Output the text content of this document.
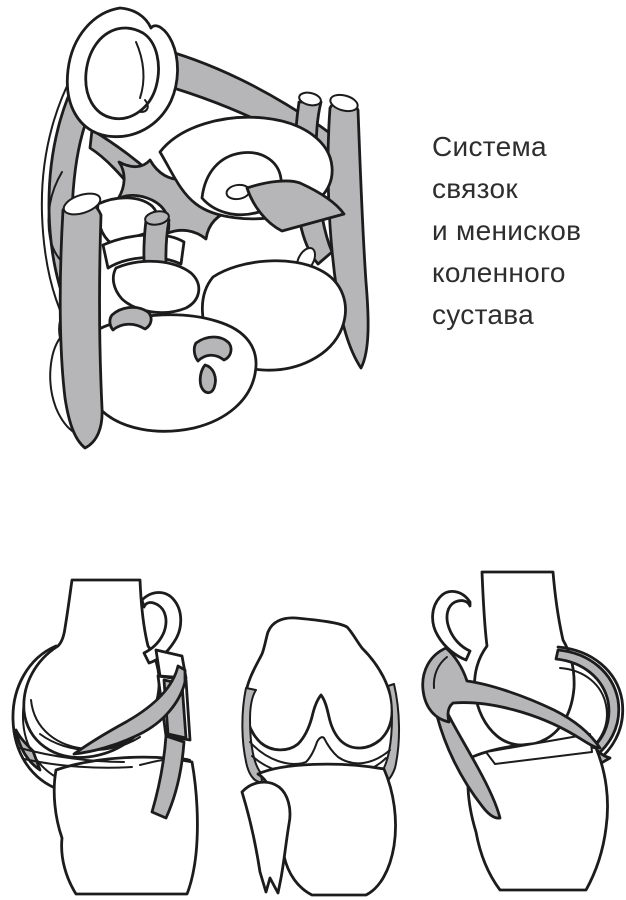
Система
связок
и менисков
коленного
сустава
